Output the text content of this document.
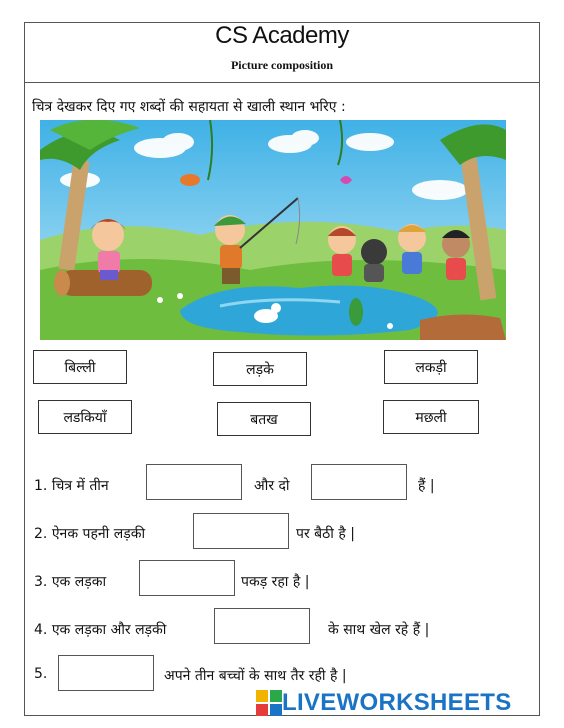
CS Academy
Picture composition
चित्र देखकर दिए गए शब्दों की सहायता से खाली स्थान भरिए :
बिल्ली	लड़के	लकड़ी
लडकियाँ	बतख	मछली
1. चित्र में तीन	और दो	हैं |
2. ऐनक पहनी लड़की	पर बैठी है |
3. एक लड़का	पकड़ रहा है |
4. एक लड़का और लड़की	के साथ खेल रहे हैं |
5.	अपने तीन बच्चों के साथ तैर रही है |
LIVEWORKSHEETS
